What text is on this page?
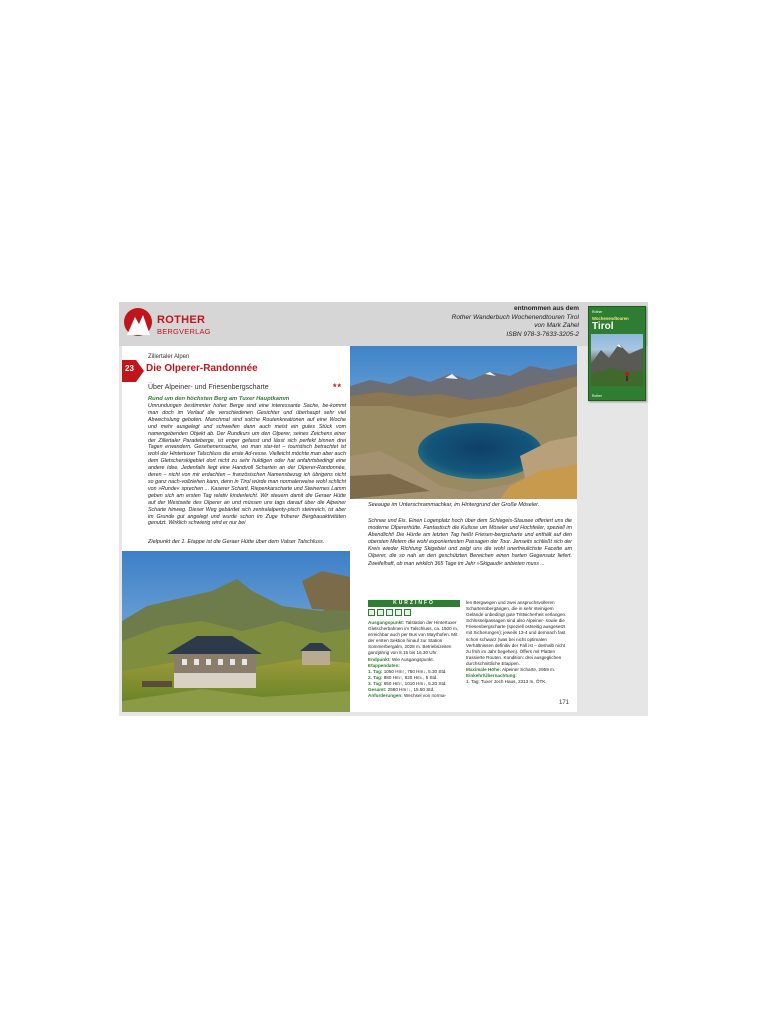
ROTHER
BERGVERLAG
entnommen aus dem
Rother Wanderbuch Wochenendtouren Tirol
von Mark Zahel
ISBN 978-3-7633-3205-2
Rother
Wochenendtouren
Tirol
Rother
Zillertaler Alpen
23	Die Olperer-Randonnée
Über Alpeiner- und Friesenbergscharte	**
Rund um den höchsten Berg am Tuxer Hauptkamm

Umrundungen bestimmter hoher Berge sind eine interessante Sache, be-kommt man doch im Verlauf die verschiedenen Gesichter und überhaupt sehr viel Abwechslung geboten. Manchmal sind solche Routenkreationen auf eine Woche und mehr ausgelegt und schweifen dann auch meist ein gutes Stück vom namengebenden Objekt ab. Der Rundkurs um den Olperer, seines Zeichens einer der Zillertaler Paradeberge, ist enger gefasst und lässt sich perfekt binnen drei Tagen erwandern. Gesehenerssache, wo man star-tet – touristisch betrachtet ist wohl der Hintertuxer Talschluss die erste Ad-resse. Vielleicht möchte man aber auch dem Gletscherskigebiet dort nicht zu sehr huldigen oder hat anfahrtsbedingt eine andere Idee. Jedenfalls liegt eine Handvoll Scharten an der Olperer-Randonnée, deren – nicht von mir erdachten – französischen Namensbezug ich übrigens nicht so ganz nach-vollziehen kann, denn in Tirol würde man normalerweise wohl schlicht von »Runde« sprechen ... Kaserer Schartl, Riepenkarscharte und Steinernes Lamm geben sich am ersten Tag relativ kinderleicht. Wir steuern damit die Geraer Hütte auf der Westseite des Olperer an und müssen uns tags darauf über die Alpeiner Scharte hinweg. Dieser Weg gebärdet sich zentralalpenty-pisch steinreich, ist aber im Grunde gut angelegt und wurde schon im Zuge früherer Bergbauaktivitäten genutzt. Wirklich schwierig wird er nur bei

Zielpunkt der 1. Etappe ist die Geraer Hütte über dem Valser Talschluss.

Seeauge im Unterschrammachkar, im Hintergrund der Große Möseler.

Schnee und Eis. Einen Logenplatz hoch über dem Schlegeis-Stausee offeriert uns die moderne Olpererhütte. Fantastisch die Kulisse um Möseler und Hochfeiler, speziell im Abendlicht! Die Hürde am letzten Tag heißt Friesen-bergscharte und enthält auf den obersten Metern die wohl exponiertesten Passagen der Tour. Jenseits schließt sich der Kreis wieder Richtung Skigebiet und zeigt uns die wohl unerfreulichste Facette am Olperer, die so nah an den geschützten Bereichen einen harten Gegensatz liefert. Zweifelhaft, ob man wirklich 365 Tage im Jahr »Skigaudi« anbieten muss ...

KURZINFO

Ausgangspunkt: Talstation der Hintertuxer Gletscherbahnen im Talschluss, ca. 1500 m, erreichbar auch per Bus von Mayrhofen. Mit der ersten Sektion hinauf zur Station Sommerbergalm, 2028 m. Betriebszeiten ganzjährig von 8.15 bis 16.30 Uhr.
Endpunkt: Wie Ausgangspunkt.
Etappendaten:
1. Tag: 1050 Hm↑, 750 Hm↓, 5.30 Std.
2. Tag: 880 Hm↑, 820 Hm↓, 5 Std.
3. Tag: 650 Hm↑, 1010 Hm↓, 5.20 Std.
Gesamt: 2580 Hm↑↓, 15.50 Std.
Anforderungen: Wechsel von norma-

len Bergwegen und zwei anspruchsvolleren Schartenübergängen, die in sehr steinigem Gelände unbedingt gute Trittsicherheit verlangen. Schlüsselpassagen sind also Alpeiner- sowie die Friesenbergscharte (speziell ostseitig ausgesetzt mit Sicherungen); jeweils 13-4 und demnach fast schon schwarz (was bei nicht optimalen Verhältnissen definitiv der Fall ist – deshalb nicht zu früh im Jahr begehen). Öffers mit Platten trassierte Routen. Kondition: drei ausgeglichen durchschnittliche Etappen.
Maximale Höhe: Alpeiner Scharte, 2959 m.
Einkehr/Übernachtung:
1. Tag: Tuxer Joch Haus, 2313 m, ÖTK,

171
